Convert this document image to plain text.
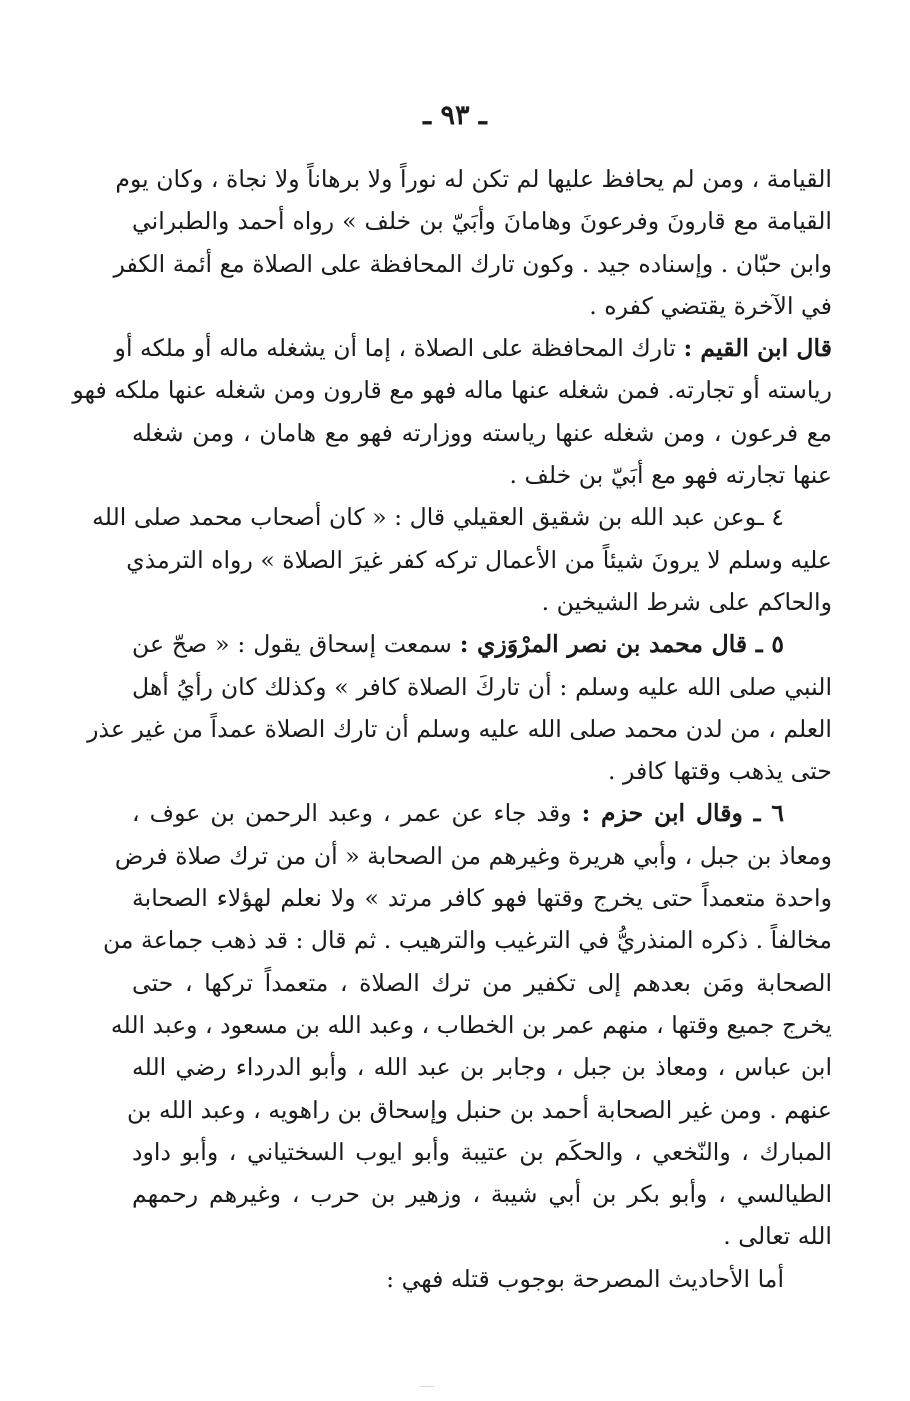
ـ ٩٣ ـ
القيامة ، ومن لم يحافظ عليها لم تكن له نوراً ولا برهاناً ولا نجاة ، وكان يوم
القيامة مع قارونَ وفرعونَ وهامانَ وأبَيّ بن خلف » رواه أحمد والطبراني
وابن حبّان . وإسناده جيد . وكون تارك المحافظة على الصلاة مع أئمة الكفر
في الآخرة يقتضي كفره .
قال ابن القيم : تارك المحافظة على الصلاة ، إما أن يشغله ماله أو ملكه أو
رياسته أو تجارته. فمن شغله عنها ماله فهو مع قارون ومن شغله عنها ملكه فهو
مع فرعون ، ومن شغله عنها رياسته ووزارته فهو مع هامان ، ومن شغله
عنها تجارته فهو مع أبَيّ بن خلف .
٤ ـوعن عبد الله بن شقيق العقيلي قال : « كان أصحاب محمد صلى الله
عليه وسلم لا يرونَ شيئاً من الأعمال تركه كفر غيرَ الصلاة » رواه الترمذي
والحاكم على شرط الشيخين .
٥ ـ قال محمد بن نصر المرْوَزي : سمعت إسحاق يقول : « صحّ عن
النبي صلى الله عليه وسلم : أن تاركَ الصلاة كافر » وكذلك كان رأيُ أهل
العلم ، من لدن محمد صلى الله عليه وسلم أن تارك الصلاة عمداً من غير عذر
حتى يذهب وقتها كافر .
٦ ـ وقال ابن حزم : وقد جاء عن عمر ، وعبد الرحمن بن عوف ،
ومعاذ بن جبل ، وأبي هريرة وغيرهم من الصحابة « أن من ترك صلاة فرض
واحدة متعمداً حتى يخرج وقتها فهو كافر مرتد » ولا نعلم لهؤلاء الصحابة
مخالفاً . ذكره المنذريُّ في الترغيب والترهيب . ثم قال : قد ذهب جماعة من
الصحابة ومَن بعدهم إلى تكفير من ترك الصلاة ، متعمداً تركها ، حتى
يخرج جميع وقتها ، منهم عمر بن الخطاب ، وعبد الله بن مسعود ، وعبد الله
ابن عباس ، ومعاذ بن جبل ، وجابر بن عبد الله ، وأبو الدرداء رضي الله
عنهم . ومن غير الصحابة أحمد بن حنبل وإسحاق بن راهويه ، وعبد الله بن
المبارك ، والنّخعي ، والحكَم بن عتيبة وأبو ايوب السختياني ، وأبو داود
الطيالسي ، وأبو بكر بن أبي شيبة ، وزهير بن حرب ، وغيرهم رحمهم
الله تعالى .
أما الأحاديث المصرحة بوجوب قتله فهي :
